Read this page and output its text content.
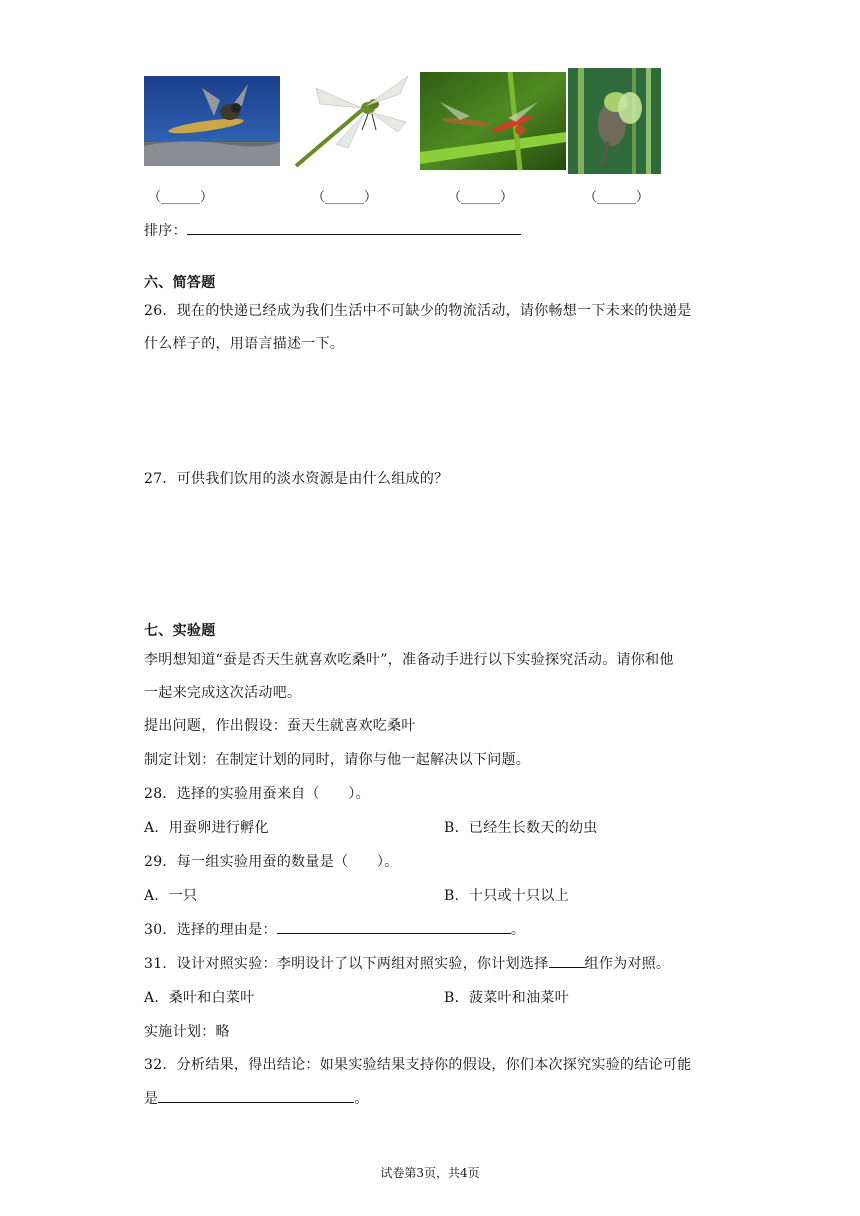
（______）	（______）	（______）	（______）
排序：
六、简答题
26．现在的快递已经成为我们生活中不可缺少的物流活动，请你畅想一下未来的快递是
什么样子的，用语言描述一下。
27．可供我们饮用的淡水资源是由什么组成的？
七、实验题
李明想知道“蚕是否天生就喜欢吃桑叶”，准备动手进行以下实验探究活动。请你和他
一起来完成这次活动吧。
提出问题，作出假设：蚕天生就喜欢吃桑叶
制定计划：在制定计划的同时，请你与他一起解决以下问题。
28．选择的实验用蚕来自（　　）。
A．用蚕卵进行孵化	B．已经生长数天的幼虫
29．每一组实验用蚕的数量是（　　）。
A．一只	B．十只或十只以上
30．选择的理由是：	。
31．设计对照实验：李明设计了以下两组对照实验，你计划选择	组作为对照。
A．桑叶和白菜叶	B．菠菜叶和油菜叶
实施计划：略
32．分析结果，得出结论：如果实验结果支持你的假设，你们本次探究实验的结论可能
是	。
试卷第3页，共4页
